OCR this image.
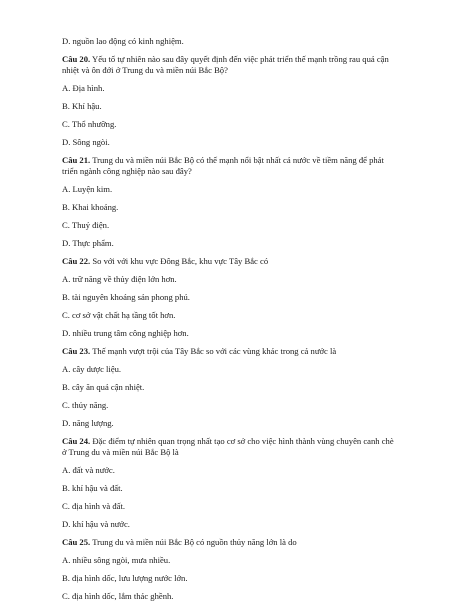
D. nguồn lao động có kinh nghiệm.
Câu 20. Yếu tố tự nhiên nào sau đây quyết định đến việc phát triển thế mạnh trồng rau quả cận
nhiệt và ôn đới ở Trung du và miền núi Bắc Bộ?
A. Địa hình.
B. Khí hậu.
C. Thổ nhưỡng.
D. Sông ngòi.
Câu 21. Trung du và miền núi Bắc Bộ có thế mạnh nổi bật nhất cả nước về tiềm năng để phát
triển ngành công nghiệp nào sau đây?
A. Luyện kim.
B. Khai khoáng.
C. Thuỷ điện.
D. Thực phẩm.
Câu 22. So với với khu vực Đông Bắc, khu vực Tây Bắc có
A. trữ năng về thủy điện lớn hơn.
B. tài nguyên khoáng sản phong phú.
C. cơ sở vật chất hạ tầng tốt hơn.
D. nhiều trung tâm công nghiệp hơn.
Câu 23. Thế mạnh vượt trội của Tây Bắc so với các vùng khác trong cả nước là
A. cây dược liệu.
B. cây ăn quả cận nhiệt.
C. thủy năng.
D. năng lượng.
Câu 24. Đặc điểm tự nhiên quan trọng nhất tạo cơ sở cho việc hình thành vùng chuyên canh chè
ở Trung du và miền núi Bắc Bộ là
A. đất và nước.
B. khí hậu và đất.
C. địa hình và đất.
D. khí hậu và nước.
Câu 25. Trung du và miền núi Bắc Bộ có nguồn thủy năng lớn là do
A. nhiều sông ngòi, mưa nhiều.
B. địa hình dốc, lưu lượng nước lớn.
C. địa hình dốc, lắm thác ghềnh.
